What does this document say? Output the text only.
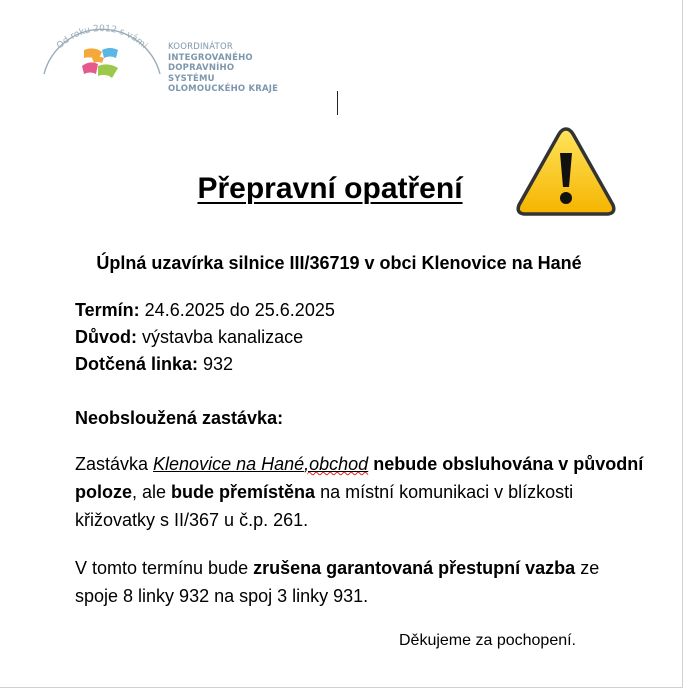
Od roku 2012 s vámi KOORDINÁTOR
INTEGROVANÉHO
DOPRAVNÍHO SYSTÉMU
OLOMOUCKÉHO KRAJE
Přepravní opatření
Úplná uzavírka silnice III/36719 v obci Klenovice na Hané
Termín: 24.6.2025 do 25.6.2025
Důvod: výstavba kanalizace
Dotčená linka: 932
Neobsloužená zastávka:
Zastávka Klenovice na Hané,obchod nebude obsluhována v původní poloze, ale bude přemístěna na místní komunikaci v blízkosti křižovatky s II/367 u č.p. 261.
V tomto termínu bude zrušena garantovaná přestupní vazba ze spoje 8 linky 932 na spoj 3 linky 931.
Děkujeme za pochopení.
